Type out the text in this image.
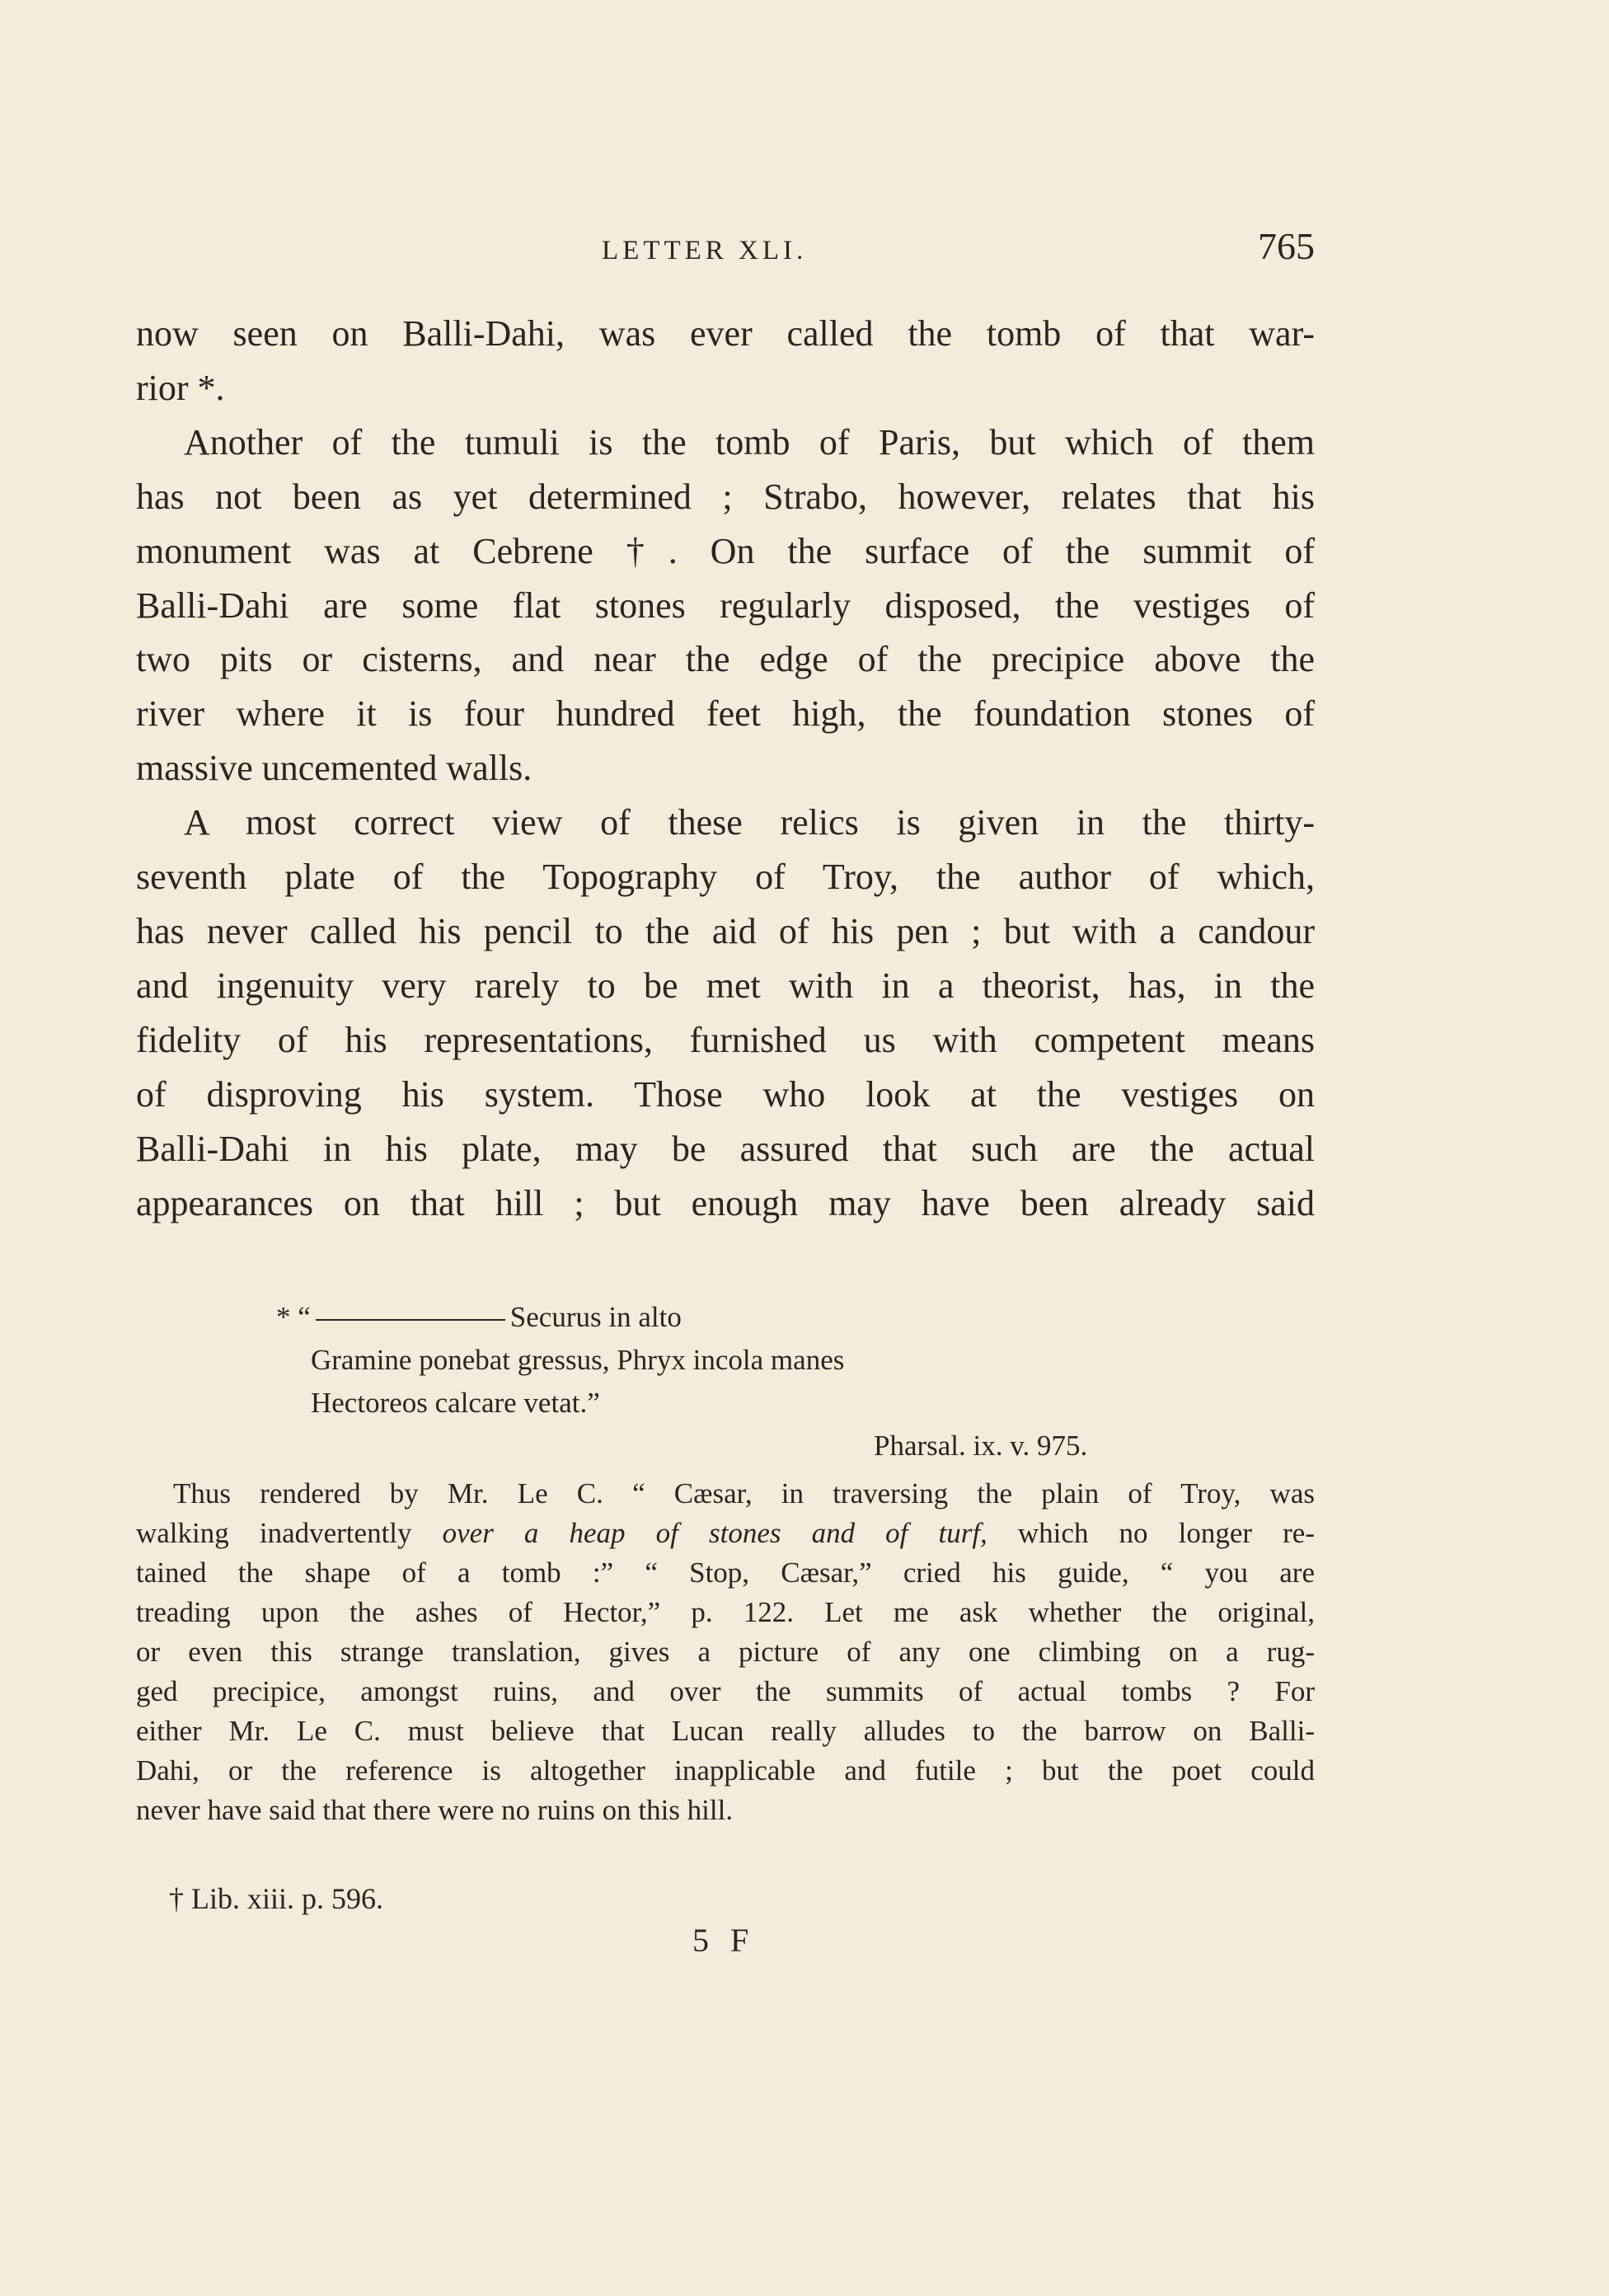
LETTER XLI.	765
now seen on Balli-Dahi, was ever called the tomb of that war-
rior *.
Another of the tumuli is the tomb of Paris, but which of them
has not been as yet determined ; Strabo, however, relates that his
monument was at Cebrene †. On the surface of the summit of
Balli-Dahi are some flat stones regularly disposed, the vestiges of
two pits or cisterns, and near the edge of the precipice above the
river where it is four hundred feet high, the foundation stones of
massive uncemented walls.
A most correct view of these relics is given in the thirty-
seventh plate of the Topography of Troy, the author of which,
has never called his pencil to the aid of his pen ; but with a candour
and ingenuity very rarely to be met with in a theorist, has, in the
fidelity of his representations, furnished us with competent means
of disproving his system. Those who look at the vestiges on
Balli-Dahi in his plate, may be assured that such are the actual
appearances on that hill ; but enough may have been already said
* “	Securus in alto
Gramine ponebat gressus, Phryx incola manes
Hectoreos calcare vetat.”
Pharsal. ix. v. 975.
Thus rendered by Mr. Le C. “ Cæsar, in traversing the plain of Troy, was
walking inadvertently over a heap of stones and of turf, which no longer re-
tained the shape of a tomb :” “ Stop, Cæsar,” cried his guide, “ you are
treading upon the ashes of Hector,” p. 122. Let me ask whether the original,
or even this strange translation, gives a picture of any one climbing on a rug-
ged precipice, amongst ruins, and over the summits of actual tombs ? For
either Mr. Le C. must believe that Lucan really alludes to the barrow on Balli-
Dahi, or the reference is altogether inapplicable and futile ; but the poet could
never have said that there were no ruins on this hill.
† Lib. xiii. p. 596.
5 F
